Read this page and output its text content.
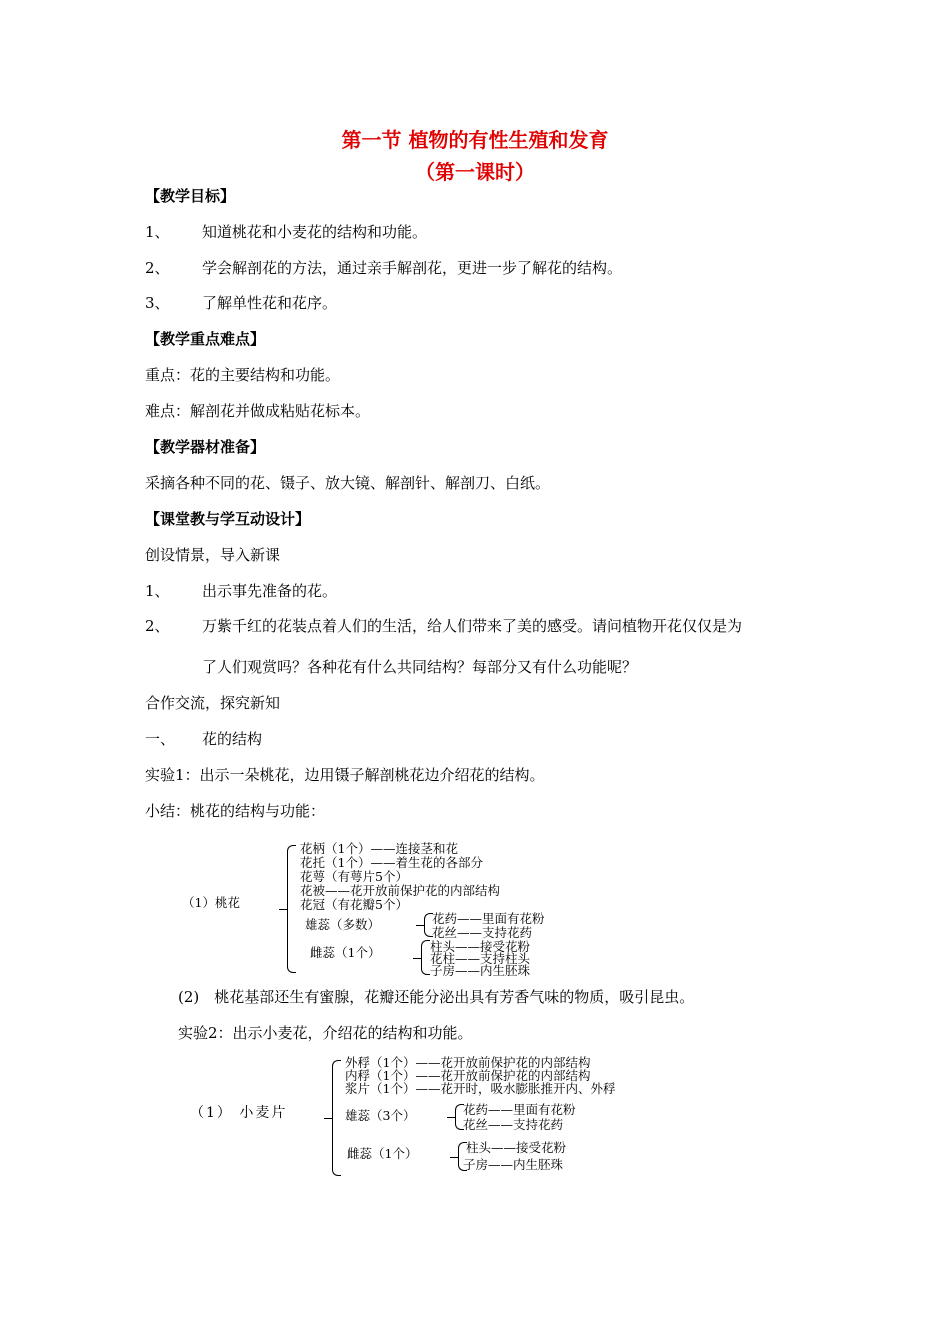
第一节 植物的有性生殖和发育
（第一课时）
【教学目标】
1、 知道桃花和小麦花的结构和功能。
2、 学会解剖花的方法，通过亲手解剖花，更进一步了解花的结构。
3、 了解单性花和花序。
【教学重点难点】
重点：花的主要结构和功能。
难点：解剖花并做成粘贴花标本。
【教学器材准备】
采摘各种不同的花、镊子、放大镜、解剖针、解剖刀、白纸。
【课堂教与学互动设计】
创设情景，导入新课
1、 出示事先准备的花。
2、 万紫千红的花装点着人们的生活，给人们带来了美的感受。请问植物开花仅仅是为
了人们观赏吗？各种花有什么共同结构？每部分又有什么功能呢？
合作交流，探究新知
一、 花的结构
实验1：出示一朵桃花，边用镊子解剖桃花边介绍花的结构。
小结：桃花的结构与功能：
（1）桃花
花柄（1个）——连接茎和花
花托（1个）——着生花的各部分
花萼（有萼片5个）
花被——花开放前保护花的内部结构
花冠（有花瓣5个）
雄蕊（多数）	花药——里面有花粉
花丝——支持花药
雌蕊（1个）	柱头——接受花粉
花柱——支持柱头
子房——内生胚珠
(2)　桃花基部还生有蜜腺，花瓣还能分泌出具有芳香气味的物质，吸引昆虫。
实验2：出示小麦花，介绍花的结构和功能。
（1） 小麦片
外稃（1个）——花开放前保护花的内部结构
内稃（1个）——花开放前保护花的内部结构
浆片（1个）——花开时，吸水膨胀推开内、外稃
雄蕊（3个）	花药——里面有花粉
花丝——支持花药
雌蕊（1个）	柱头——接受花粉
子房——内生胚珠
